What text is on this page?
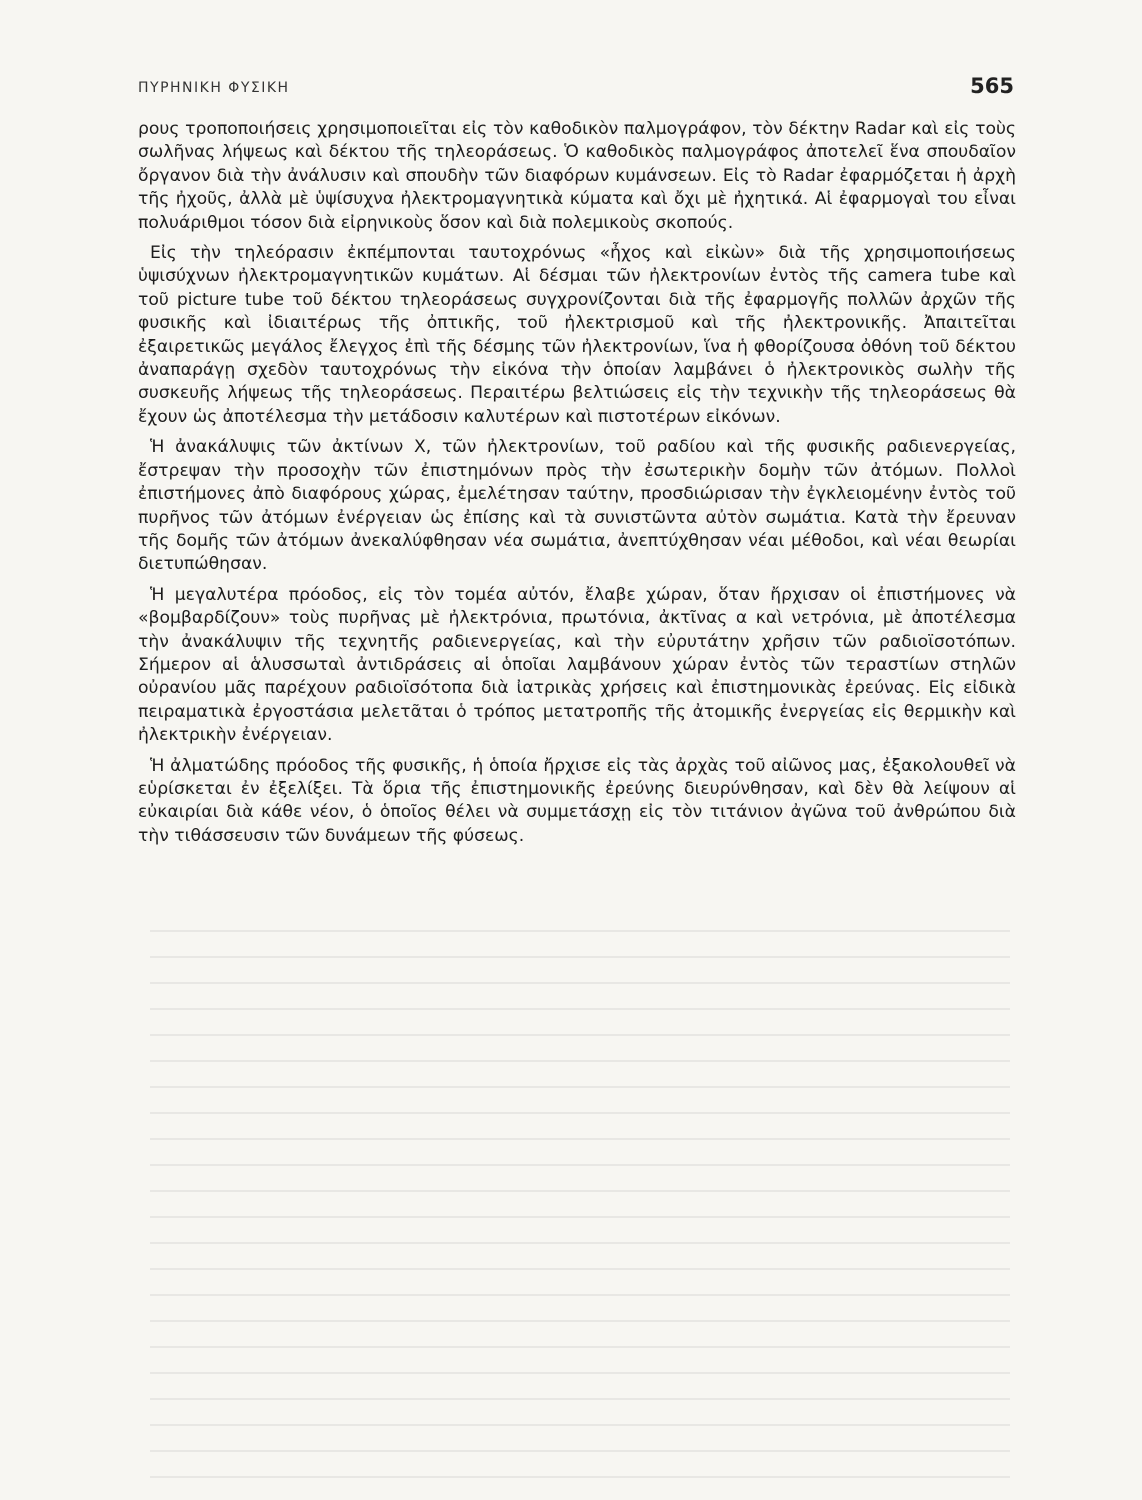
ΠΥΡΗΝΙΚΗ ΦΥΣΙΚΗ	565

ρους τροποποιήσεις χρησιμοποιεῖται εἰς τὸν καθοδικὸν παλμογράφον, τὸν δέκτην Radar καὶ εἰς τοὺς σωλῆνας λήψεως καὶ δέκτου τῆς τηλεοράσεως. Ὁ καθοδικὸς παλμογράφος ἀποτελεῖ ἕνα σπουδαῖον ὄργανον διὰ τὴν ἀνάλυσιν καὶ σπουδὴν τῶν διαφόρων κυμάνσεων. Εἰς τὸ Radar ἐφαρμόζεται ἡ ἀρχὴ τῆς ἠχοῦς, ἀλλὰ μὲ ὑψίσυχνα ἠλεκτρομαγνητικὰ κύματα καὶ ὄχι μὲ ἠχητικά. Αἱ ἐφαρμογαὶ του εἶναι πολυάριθμοι τόσον διὰ εἰρηνικοὺς ὅσον καὶ διὰ πολεμικοὺς σκοπούς.

Εἰς τὴν τηλεόρασιν ἐκπέμπονται ταυτοχρόνως «ἦχος καὶ εἰκὼν» διὰ τῆς χρησιμοποιήσεως ὑψισύχνων ἠλεκτρομαγνητικῶν κυμάτων. Αἱ δέσμαι τῶν ἠλεκτρονίων ἐντὸς τῆς camera tube καὶ τοῦ picture tube τοῦ δέκτου τηλεοράσεως συγχρονίζονται διὰ τῆς ἐφαρμογῆς πολλῶν ἀρχῶν τῆς φυσικῆς καὶ ἰδιαιτέρως τῆς ὀπτικῆς, τοῦ ἠλεκτρισμοῦ καὶ τῆς ἠλεκτρονικῆς. Ἀπαιτεῖται ἐξαιρετικῶς μεγάλος ἔλεγχος ἐπὶ τῆς δέσμης τῶν ἠλεκτρονίων, ἵνα ἡ φθορίζουσα ὀθόνη τοῦ δέκτου ἀναπαράγῃ σχεδὸν ταυτοχρόνως τὴν εἰκόνα τὴν ὁποίαν λαμβάνει ὁ ἠλεκτρονικὸς σωλὴν τῆς συσκευῆς λήψεως τῆς τηλεοράσεως. Περαιτέρω βελτιώσεις εἰς τὴν τεχνικὴν τῆς τηλεοράσεως θὰ ἔχουν ὡς ἀποτέλεσμα τὴν μετάδοσιν καλυτέρων καὶ πιστοτέρων εἰκόνων.

Ἡ ἀνακάλυψις τῶν ἀκτίνων X, τῶν ἠλεκτρονίων, τοῦ ραδίου καὶ τῆς φυσικῆς ραδιενεργείας, ἔστρεψαν τὴν προσοχὴν τῶν ἐπιστημόνων πρὸς τὴν ἐσωτερικὴν δομὴν τῶν ἀτόμων. Πολλοὶ ἐπιστήμονες ἀπὸ διαφόρους χώρας, ἐμελέτησαν ταύτην, προσδιώρισαν τὴν ἐγκλειομένην ἐντὸς τοῦ πυρῆνος τῶν ἀτόμων ἐνέργειαν ὡς ἐπίσης καὶ τὰ συνιστῶντα αὐτὸν σωμάτια. Κατὰ τὴν ἔρευναν τῆς δομῆς τῶν ἀτόμων ἀνεκαλύφθησαν νέα σωμάτια, ἀνεπτύχθησαν νέαι μέθοδοι, καὶ νέαι θεωρίαι διετυπώθησαν.

Ἡ μεγαλυτέρα πρόοδος, εἰς τὸν τομέα αὐτόν, ἔλαβε χώραν, ὅταν ἤρχισαν οἱ ἐπιστήμονες νὰ «βομβαρδίζουν» τοὺς πυρῆνας μὲ ἠλεκτρόνια, πρωτόνια, ἀκτῖνας α καὶ νετρόνια, μὲ ἀποτέλεσμα τὴν ἀνακάλυψιν τῆς τεχνητῆς ραδιενεργείας, καὶ τὴν εὐρυτάτην χρῆσιν τῶν ραδιοϊσοτόπων. Σήμερον αἱ ἁλυσσωταὶ ἀντιδράσεις αἱ ὁποῖαι λαμβάνουν χώραν ἐντὸς τῶν τεραστίων στηλῶν οὐρανίου μᾶς παρέχουν ραδιοϊσότοπα διὰ ἰατρικὰς χρήσεις καὶ ἐπιστημονικὰς ἐρεύνας. Εἰς εἰδικὰ πειραματικὰ ἐργοστάσια μελετᾶται ὁ τρόπος μετατροπῆς τῆς ἀτομικῆς ἐνεργείας εἰς θερμικὴν καὶ ἠλεκτρικὴν ἐνέργειαν.

Ἡ ἀλματώδης πρόοδος τῆς φυσικῆς, ἡ ὁποία ἤρχισε εἰς τὰς ἀρχὰς τοῦ αἰῶνος μας, ἐξακολουθεῖ νὰ εὑρίσκεται ἐν ἐξελίξει. Τὰ ὅρια τῆς ἐπιστημονικῆς ἐρεύνης διευρύνθησαν, καὶ δὲν θὰ λείψουν αἱ εὐκαιρίαι διὰ κάθε νέον, ὁ ὁποῖος θέλει νὰ συμμετάσχῃ εἰς τὸν τιτάνιον ἀγῶνα τοῦ ἀνθρώπου διὰ τὴν τιθάσσευσιν τῶν δυνάμεων τῆς φύσεως.
